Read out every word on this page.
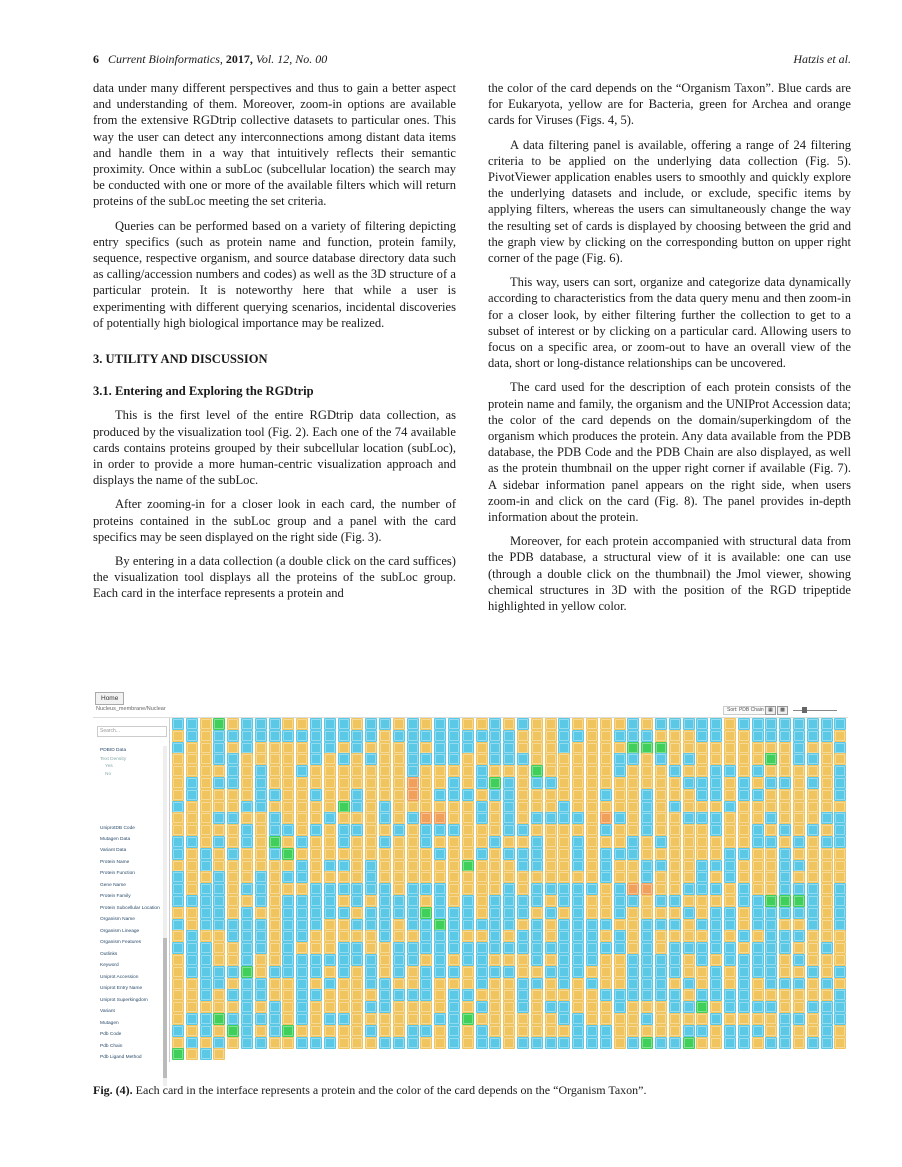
6 Current Bioinformatics, 2017, Vol. 12, No. 00	Hatzis et al.

data under many different perspectives and thus to gain a better aspect and understanding of them. Moreover, zoom-in options are available from the extensive RGDtrip collective datasets to particular ones. This way the user can detect any interconnections among distant data items and handle them in a way that intuitively reflects their semantic proximity. Once within a subLoc (subcellular location) the search may be conducted with one or more of the available filters which will return proteins of the subLoc meeting the set criteria.

Queries can be performed based on a variety of filtering depicting entry specifics (such as protein name and function, protein family, sequence, respective organism, and source database directory data such as calling/accession numbers and codes) as well as the 3D structure of a particular protein. It is noteworthy here that while a user is experimenting with different querying scenarios, incidental discoveries of potentially high biological importance may be realized.

3. UTILITY AND DISCUSSION
3.1. Entering and Exploring the RGDtrip

This is the first level of the entire RGDtrip data collection, as produced by the visualization tool (Fig. 2). Each one of the 74 available cards contains proteins grouped by their subcellular location (subLoc), in order to provide a more human-centric visualization approach and displays the name of the subLoc.

After zooming-in for a closer look in each card, the number of proteins contained in the subLoc group and a panel with the card specifics may be seen displayed on the right side (Fig. 3).

By entering in a data collection (a double click on the card suffices) the visualization tool displays all the proteins of the subLoc group. Each card in the interface represents a protein and

the color of the card depends on the “Organism Taxon”. Blue cards are for Eukaryota, yellow are for Bacteria, green for Archea and orange cards for Viruses (Figs. 4, 5).

A data filtering panel is available, offering a range of 24 filtering criteria to be applied on the underlying data collection (Fig. 5). PivotViewer application enables users to smoothly and quickly explore the underlying datasets and include, or exclude, specific items by applying filters, whereas the users can simultaneously change the way the resulting set of cards is displayed by choosing between the grid and the graph view by clicking on the corresponding button on upper right corner of the page (Fig. 6).

This way, users can sort, organize and categorize data dynamically according to characteristics from the data query menu and then zoom-in for a closer look, by either filtering further the collection to get to a subset of interest or by clicking on a particular card. Allowing users to focus on a specific area, or zoom-out to have an overall view of the data, short or long-distance relationships can be uncovered.

The card used for the description of each protein consists of the protein name and family, the organism and the UNIProt Accession data; the color of the card depends on the domain/superkingdom of the organism which produces the protein. Any data available from the PDB database, the PDB Code and the PDB Chain are also displayed, as well as the protein thumbnail on the upper right corner if available (Fig. 7). A sidebar information panel appears on the right side, when users zoom-in and click on the card (Fig. 8). The panel provides in-depth information about the protein.

Moreover, for each protein accompanied with structural data from the PDB database, a structural view of it is available: one can use (through a double click on the thumbnail) the Jmol viewer, showing chemical structures in 3D with the position of the RGD tripeptide highlighted in yellow color.

Home
Nucleus_membrane/Nuclear	Sort: PDB Chain ▦	▩
Search...
PDBID Data
Text Density
Yes
No
UniprotDB Code
Mutagen Data
Variant Data
Protein Name
Protein Function
Gene Name
Protein Family
Protein Subcellular Location
Organism Name
Organism Lineage
Organism Features
Outlinks
Keyword
Uniprot Accession
Uniprot Entry Name
Uniprot Superkingdom
Variant
Mutagen
Pdb Code
Pdb Chain
Pdb Ligand Method
Fig. (4). Each card in the interface represents a protein and the color of the card depends on the “Organism Taxon”.
